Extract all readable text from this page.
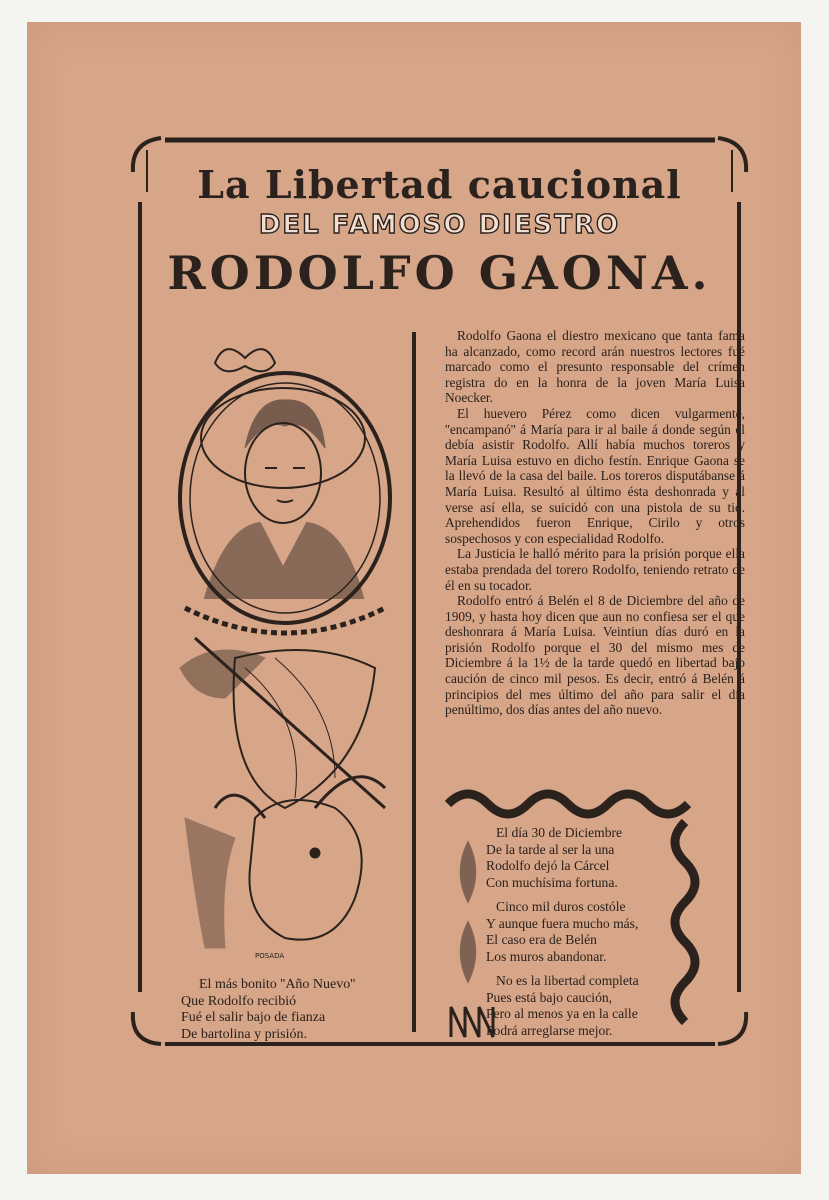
La Libertad caucional
DEL FAMOSO DIESTRO
RODOLFO GAONA.
POSADA

Rodolfo Gaona el diestro mexicano que tanta fama ha alcanzado, como record arán nuestros lectores fué marcado como el presunto responsable del crímen registra do en la honra de la joven María Luisa Noecker.

El huevero Pérez como dicen vulgarmente, ''encampanó'' á María para ir al baile á donde según él debía asistir Rodolfo. Allí había muchos toreros y María Luisa estuvo en dicho festín. Enrique Gaona se la llevó de la casa del baile. Los toreros disputábanse á María Luisa. Resultó al último ésta deshonrada y al verse así ella, se suicidó con una pistola de su tio. Aprehendidos fueron Enrique, Cirilo y otros sospechosos y con especialidad Rodolfo.

La Justicia le halló mérito para la prisión porque ella estaba prendada del torero Rodolfo, teniendo retrato de él en su tocador.

Rodolfo entró á Belén el 8 de Diciembre del año de 1909, y hasta hoy dicen que aun no confiesa ser el que deshonrara á María Luisa. Veintiun días duró en la prisión Rodolfo porque el 30 del mismo mes de Diciembre á la 1½ de la tarde quedó en libertad bajo caución de cinco mil pesos. Es decir, entró á Belén á principios del mes último del año para salir el día penúltimo, dos días antes del año nuevo.

El más bonito ''Año Nuevo''
Que Rodolfo recibió
Fué el salir bajo de fianza
De bartolina y prisión.
El día 30 de Diciembre
De la tarde al ser la una
Rodolfo dejó la Cárcel
Con muchísima fortuna.
Cinco mil duros costóle
Y aunque fuera mucho más,
El caso era de Belén
Los muros abandonar.
No es la libertad completa
Pues está bajo caución,
Pero al menos ya en la calle
Podrá arreglarse mejor.
